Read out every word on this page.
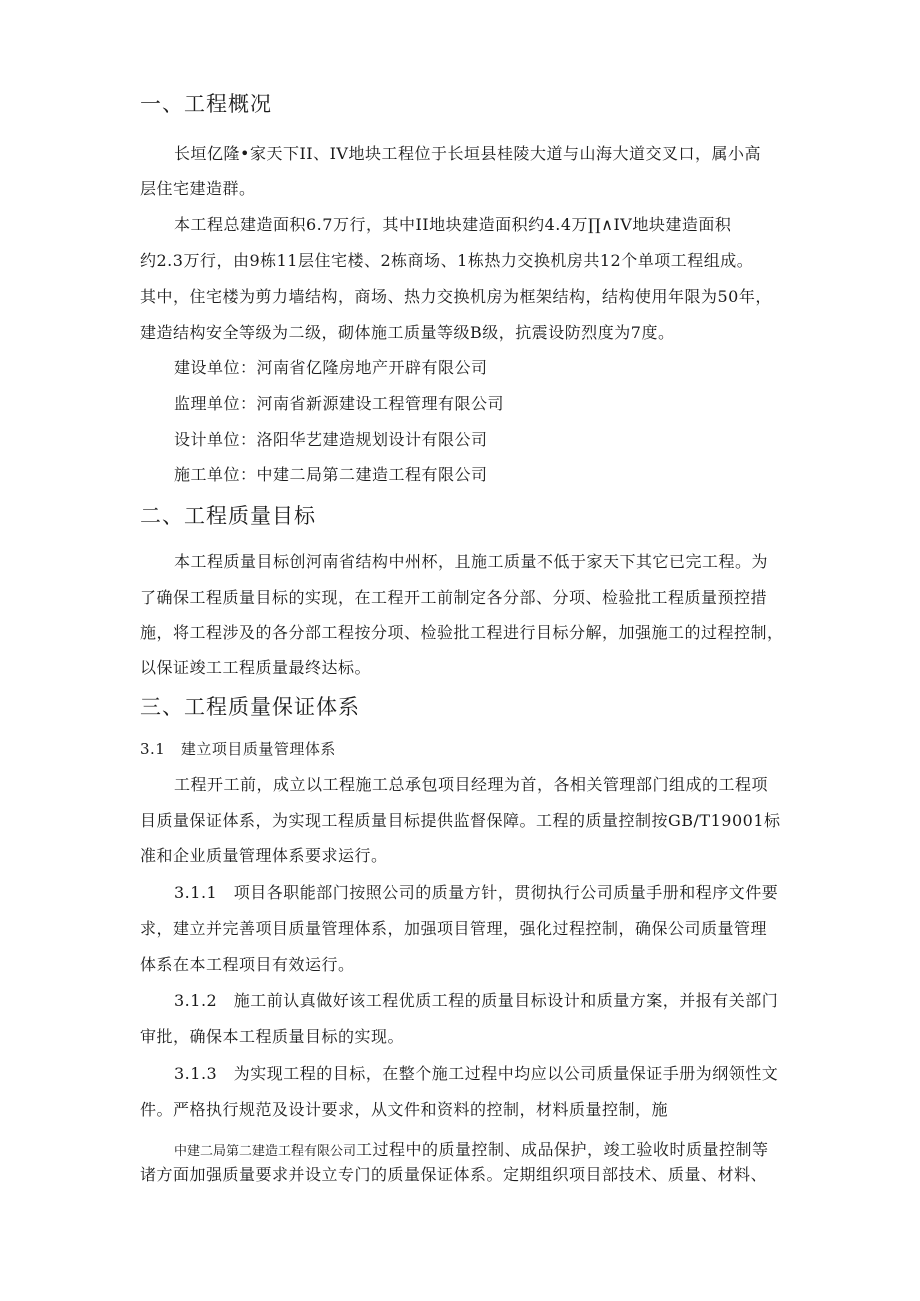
一、工程概况
长垣亿隆•家天下II、IV地块工程位于长垣县桂陵大道与山海大道交叉口，属小高
层住宅建造群。
本工程总建造面积6.7万行，其中II地块建造面积约4.4万∏∧IV地块建造面积
约2.3万行，由9栋11层住宅楼、2栋商场、1栋热力交换机房共12个单项工程组成。
其中，住宅楼为剪力墙结构，商场、热力交换机房为框架结构，结构使用年限为50年，
建造结构安全等级为二级，砌体施工质量等级B级，抗震设防烈度为7度。
建设单位：河南省亿隆房地产开辟有限公司
监理单位：河南省新源建设工程管理有限公司
设计单位：洛阳华艺建造规划设计有限公司
施工单位：中建二局第二建造工程有限公司
二、工程质量目标
本工程质量目标创河南省结构中州杯，且施工质量不低于家天下其它已完工程。为
了确保工程质量目标的实现，在工程开工前制定各分部、分项、检验批工程质量预控措
施，将工程涉及的各分部工程按分项、检验批工程进行目标分解，加强施工的过程控制，
以保证竣工工程质量最终达标。
三、工程质量保证体系
3.1　建立项目质量管理体系
工程开工前，成立以工程施工总承包项目经理为首，各相关管理部门组成的工程项
目质量保证体系，为实现工程质量目标提供监督保障。工程的质量控制按GB/T19001标
准和企业质量管理体系要求运行。
3.1.1　项目各职能部门按照公司的质量方针，贯彻执行公司质量手册和程序文件要
求，建立并完善项目质量管理体系，加强项目管理，强化过程控制，确保公司质量管理
体系在本工程项目有效运行。
3.1.2　施工前认真做好该工程优质工程的质量目标设计和质量方案，并报有关部门
审批，确保本工程质量目标的实现。
3.1.3　为实现工程的目标，在整个施工过程中均应以公司质量保证手册为纲领性文
件。严格执行规范及设计要求，从文件和资料的控制，材料质量控制，施
中建二局第二建造工程有限公司工过程中的质量控制、成品保护，竣工验收时质量控制等
诸方面加强质量要求并设立专门的质量保证体系。定期组织项目部技术、质量、材料、
